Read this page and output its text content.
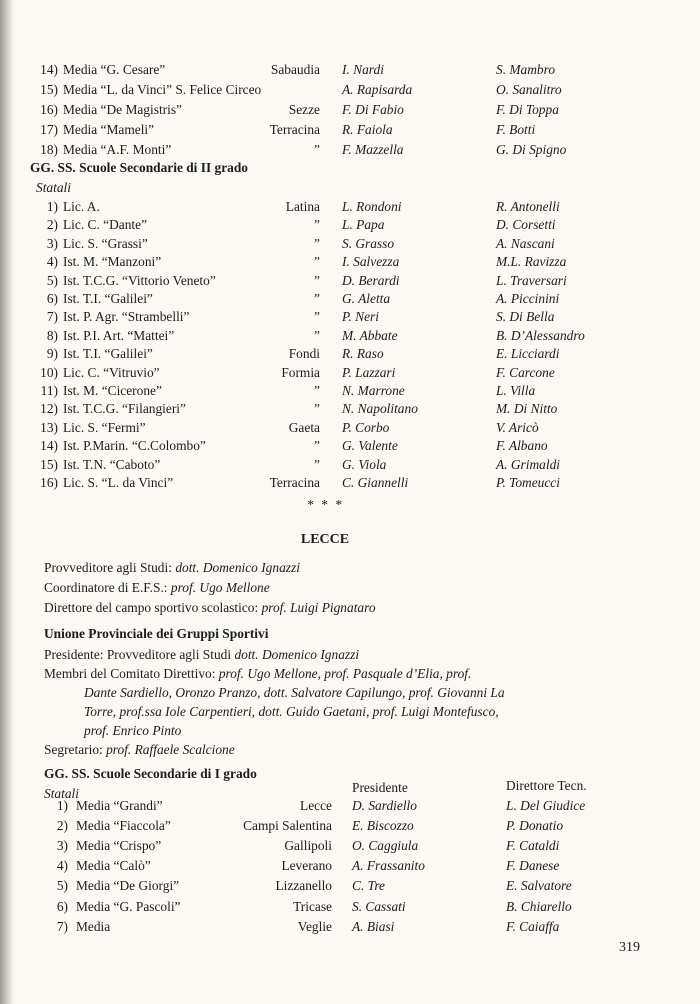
14) Media “G. Cesare”	Sabaudia I. Nardi	S. Mambro
15) Media “L. da Vinci” S. Felice Circeo	A. Rapisarda	O. Sanalitro
16) Media “De Magistris”	Sezze F. Di Fabio	F. Di Toppa
17) Media “Mameli”	Terracina R. Faiola	F. Botti
18) Media “A.F. Monti”	” F. Mazzella	G. Di Spigno
GG. SS. Scuole Secondarie di II grado
Statali
1) Lic. A.	Latina L. Rondoni	R. Antonelli
2) Lic. C. “Dante”	” L. Papa	D. Corsetti
3) Lic. S. “Grassi”	” S. Grasso	A. Nascani
4) Ist. M. “Manzoni”	” I. Salvezza	M.L. Ravizza
5) Ist. T.C.G. “Vittorio Veneto”	” D. Berardi	L. Traversari
6) Ist. T.I. “Galilei”	” G. Aletta	A. Piccinini
7) Ist. P. Agr. “Strambelli”	” P. Neri	S. Di Bella
8) Ist. P.I. Art. “Mattei”	” M. Abbate	B. D’Alessandro
9) Ist. T.I. “Galilei”	Fondi R. Raso	E. Licciardi
10) Lic. C. “Vitruvio”	Formia P. Lazzari	F. Carcone
11) Ist. M. “Cicerone”	” N. Marrone	L. Villa
12) Ist. T.C.G. “Filangieri”	” N. Napolitano	M. Di Nitto
13) Lic. S. “Fermi”	Gaeta P. Corbo	V. Aricò
14) Ist. P.Marin. “C.Colombo”	” G. Valente	F. Albano
15) Ist. T.N. “Caboto”	” G. Viola	A. Grimaldi
16) Lic. S. “L. da Vinci”	Terracina C. Giannelli	P. Tomeucci
* * *
LECCE
Provveditore agli Studi: dott. Domenico Ignazzi
Coordinatore di E.F.S.: prof. Ugo Mellone
Direttore del campo sportivo scolastico: prof. Luigi Pignataro
Unione Provinciale dei Gruppi Sportivi
Presidente: Provveditore agli Studi dott. Domenico Ignazzi
Membri del Comitato Direttivo: prof. Ugo Mellone, prof. Pasquale d’Elia, prof.
Dante Sardiello, Oronzo Pranzo, dott. Salvatore Capilungo, prof. Giovanni La
Torre, prof.ssa Iole Carpentieri, dott. Guido Gaetani, prof. Luigi Montefusco,
prof. Enrico Pinto
Segretario: prof. Raffaele Scalcione
GG. SS. Scuole Secondarie di I grado
Presidente	Direttore Tecn.
Statali
1) Media “Grandi”	Lecce D. Sardiello	L. Del Giudice
2) Media “Fiaccola”	Campi Salentina E. Biscozzo	P. Donatio
3) Media “Crispo”	Gallipoli O. Caggiula	F. Cataldi
4) Media “Calò”	Leverano A. Frassanito	F. Danese
5) Media “De Giorgi”	Lizzanello C. Tre	E. Salvatore
6) Media “G. Pascoli”	Tricase S. Cassati	B. Chiarello
7) Media	Veglie A. Biasi	F. Caiaffa
319
